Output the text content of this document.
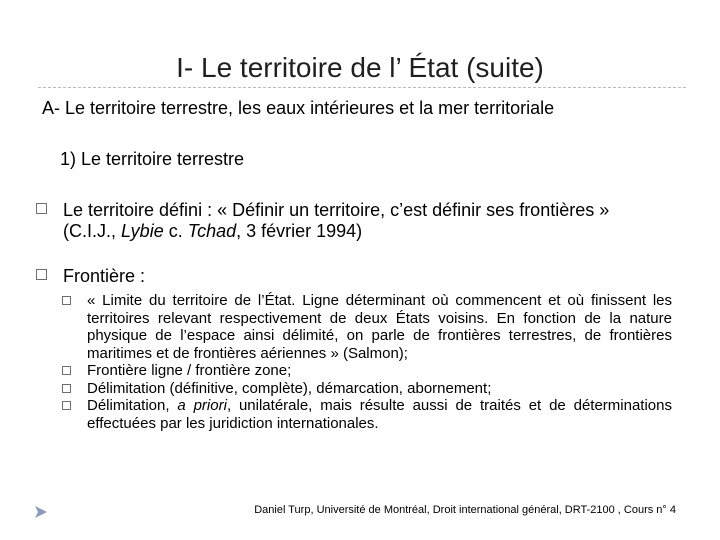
I- Le territoire de l’ État (suite)
A- Le territoire terrestre, les eaux intérieures et la mer territoriale
1) Le territoire terrestre
Le territoire défini : « Définir un territoire, c’est définir ses frontières »
(C.I.J., Lybie c. Tchad, 3 février 1994)
Frontière :
« Limite du territoire de l’État. Ligne déterminant où commencent et où finissent les territoires relevant respectivement de deux États voisins. En fonction de la nature physique de l’espace ainsi délimité, on parle de frontières terrestres, de frontières maritimes et de frontières aériennes » (Salmon);
Frontière ligne / frontière zone;
Délimitation (définitive, complète), démarcation, abornement;
Délimitation, a priori, unilatérale, mais résulte aussi de traités et de déterminations effectuées par les juridiction internationales.
Daniel Turp, Université de Montréal, Droit international général, DRT-2100 , Cours n° 4
